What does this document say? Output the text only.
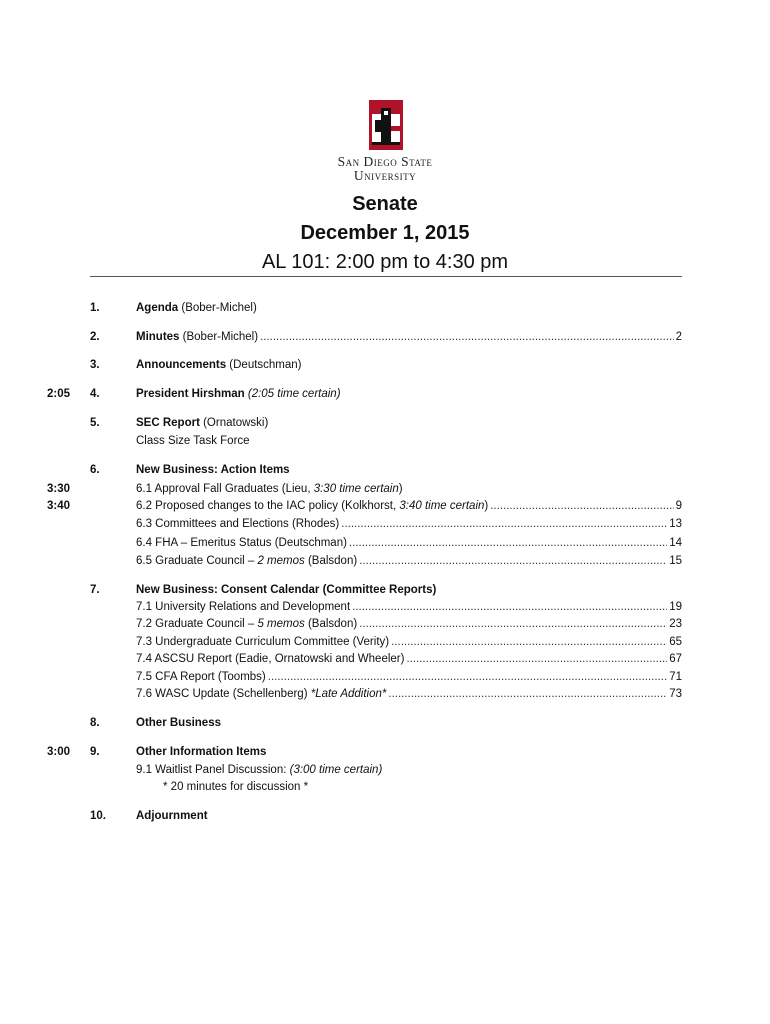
San Diego State
University
Senate
December 1, 2015
AL 101: 2:00 pm to 4:30 pm
1.	Agenda (Bober-Michel)
2.	Minutes (Bober-Michel) .....	2
3.	Announcements (Deutschman)
2:05 4.	President Hirshman (2:05 time certain)
5.	SEC Report (Ornatowski)
Class Size Task Force
6.	New Business: Action Items
3:30	6.1 Approval Fall Graduates (Lieu, 3:30 time certain)
3:40	6.2 Proposed changes to the IAC policy (Kolkhorst, 3:40 time certain) .....	9
6.3 Committees and Elections (Rhodes) .....	13
6.4 FHA – Emeritus Status (Deutschman) .....	14
6.5 Graduate Council – 2 memos (Balsdon) .....	15
7.	New Business: Consent Calendar (Committee Reports)
7.1 University Relations and Development .....	19
7.2 Graduate Council – 5 memos (Balsdon) .....	23
7.3 Undergraduate Curriculum Committee (Verity) .....	65
7.4 ASCSU Report (Eadie, Ornatowski and Wheeler) .....	67
7.5 CFA Report (Toombs) .....	71
7.6 WASC Update (Schellenberg) *Late Addition* .....	73
8.	Other Business
3:00 9.	Other Information Items
9.1 Waitlist Panel Discussion: (3:00 time certain)
* 20 minutes for discussion *
10.	Adjournment
